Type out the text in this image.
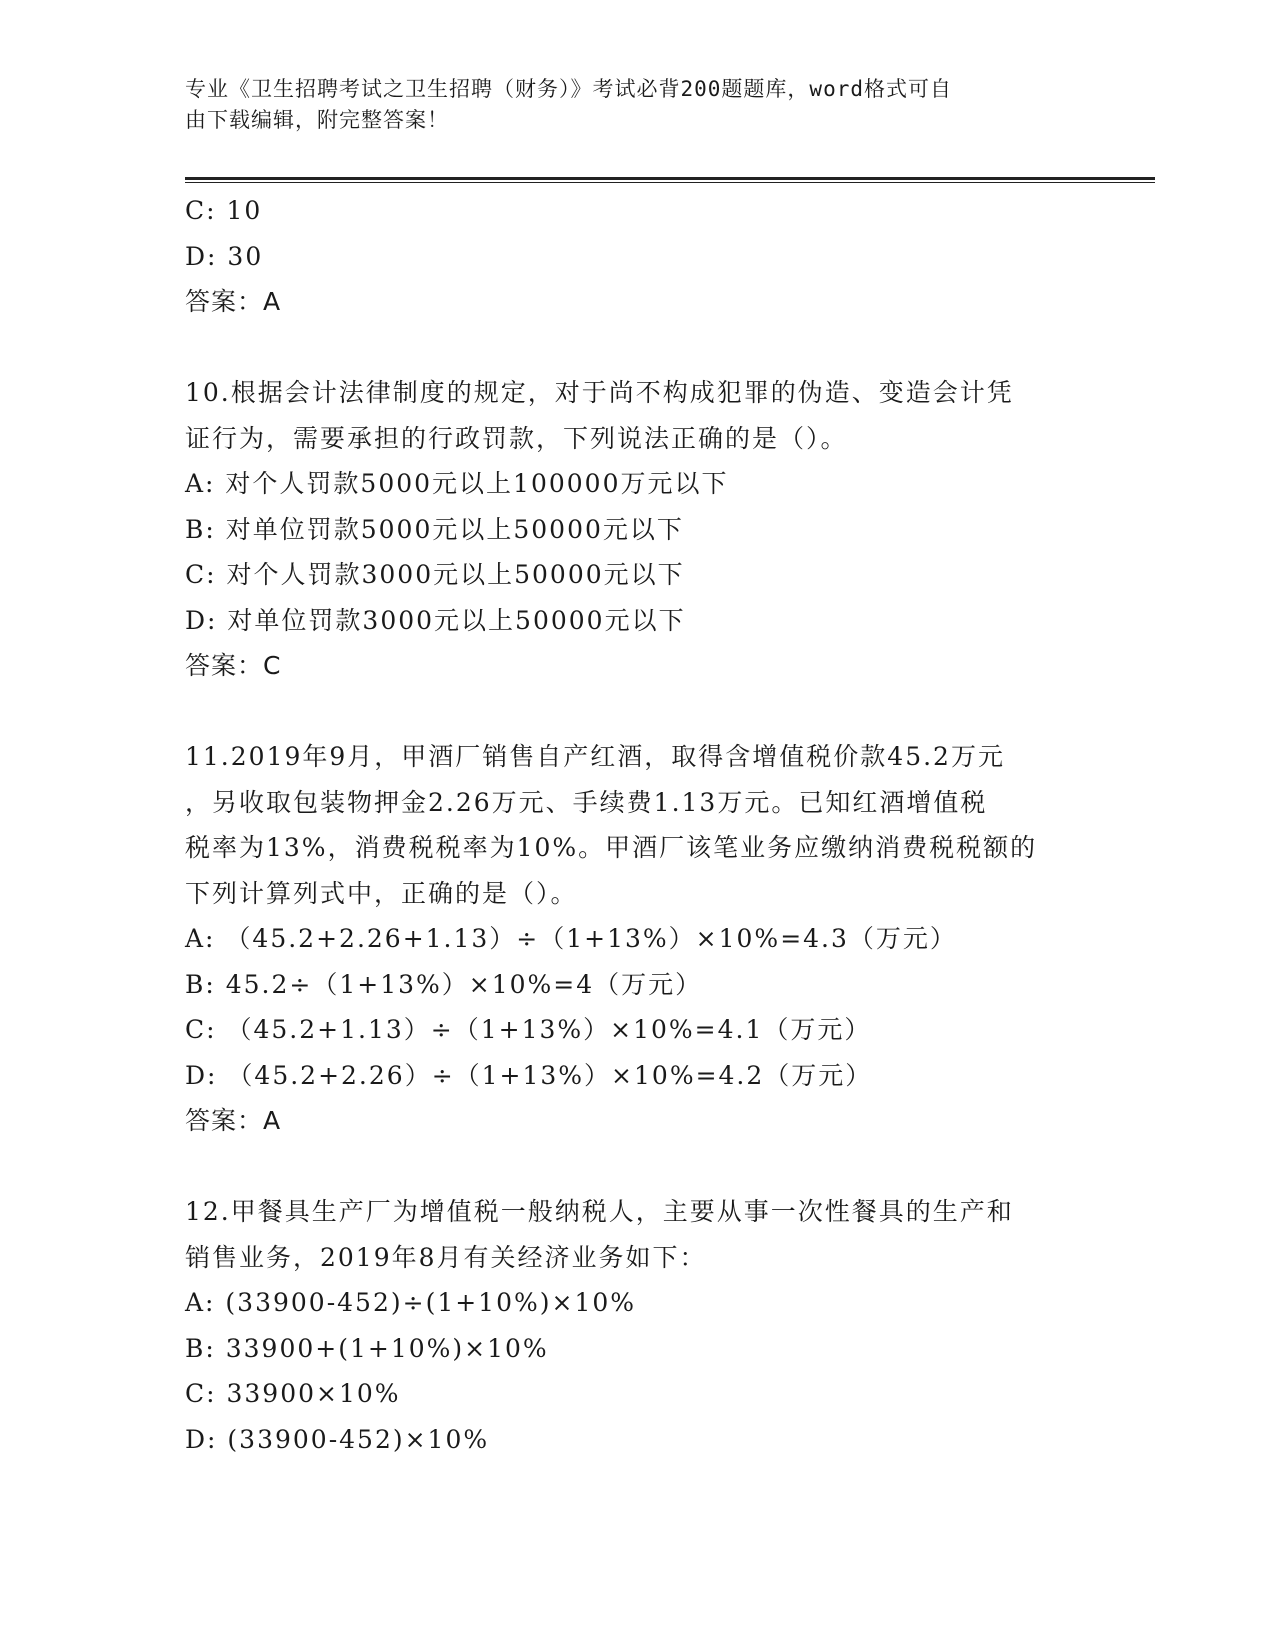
专业《卫生招聘考试之卫生招聘（财务）》考试必背200题题库，word格式可自
由下载编辑，附完整答案！

C: 10

D: 30

答案：A

10.根据会计法律制度的规定，对于尚不构成犯罪的伪造、变造会计凭

证行为，需要承担的行政罚款，下列说法正确的是（）。

A: 对个人罚款5000元以上100000万元以下

B: 对单位罚款5000元以上50000元以下

C: 对个人罚款3000元以上50000元以下

D: 对单位罚款3000元以上50000元以下

答案：C

11.2019年9月，甲酒厂销售自产红酒，取得含增值税价款45.2万元

，另收取包装物押金2.26万元、手续费1.13万元。已知红酒增值税

税率为13%，消费税税率为10%。甲酒厂该笔业务应缴纳消费税税额的

下列计算列式中，正确的是（）。

A: （45.2+2.26+1.13）÷（1+13%）×10%=4.3（万元）

B: 45.2÷（1+13%）×10%=4（万元）

C: （45.2+1.13）÷（1+13%）×10%=4.1（万元）

D: （45.2+2.26）÷（1+13%）×10%=4.2（万元）

答案：A

12.甲餐具生产厂为增值税一般纳税人，主要从事一次性餐具的生产和

销售业务，2019年8月有关经济业务如下：

A: (33900-452)÷(1+10%)×10%

B: 33900+(1+10%)×10%

C: 33900×10%

D: (33900-452)×10%
